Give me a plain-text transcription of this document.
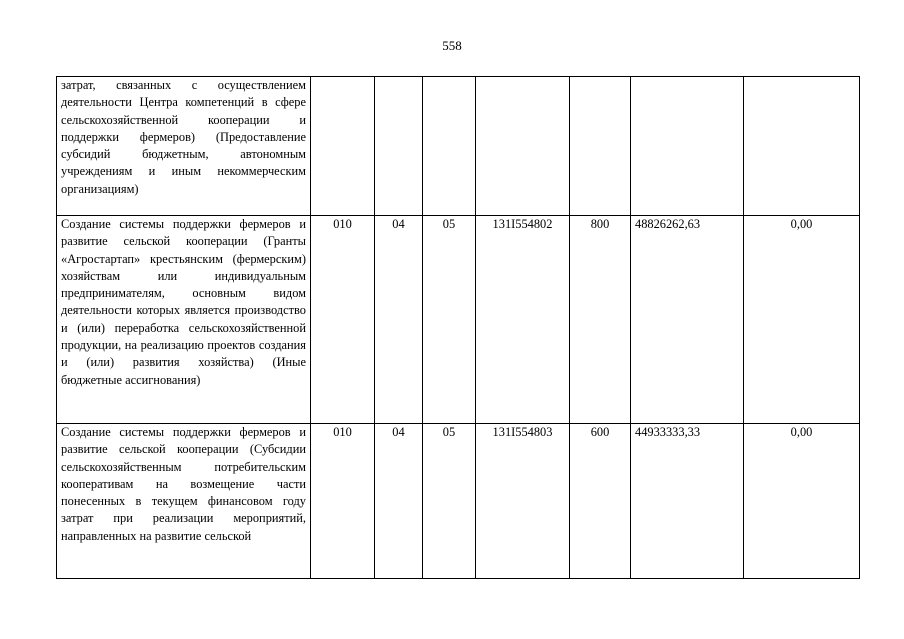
558
затрат, связанных с осуществлением деятельности Центра компетенций в сфере сельскохозяйственной кооперации и поддержки фермеров) (Предоставление субсидий бюджетным, автономным учреждениям и иным некоммерческим организациям)							
Создание системы поддержки фермеров и развитие сельской кооперации (Гранты «Агростартап» крестьянским (фермерским) хозяйствам или индивидуальным предпринимателям, основным видом деятельности которых является производство и (или) переработка сельскохозяйственной продукции, на реализацию проектов создания и (или) развития хозяйства) (Иные бюджетные ассигнования)	010	04	05	131I554802	800	48826262,63	0,00
Создание системы поддержки фермеров и развитие сельской кооперации (Субсидии сельскохозяйственным потребительским кооперативам на возмещение части понесенных в текущем финансовом году затрат при реализации мероприятий, направленных на развитие сельской	010	04	05	131I554803	600	44933333,33	0,00
